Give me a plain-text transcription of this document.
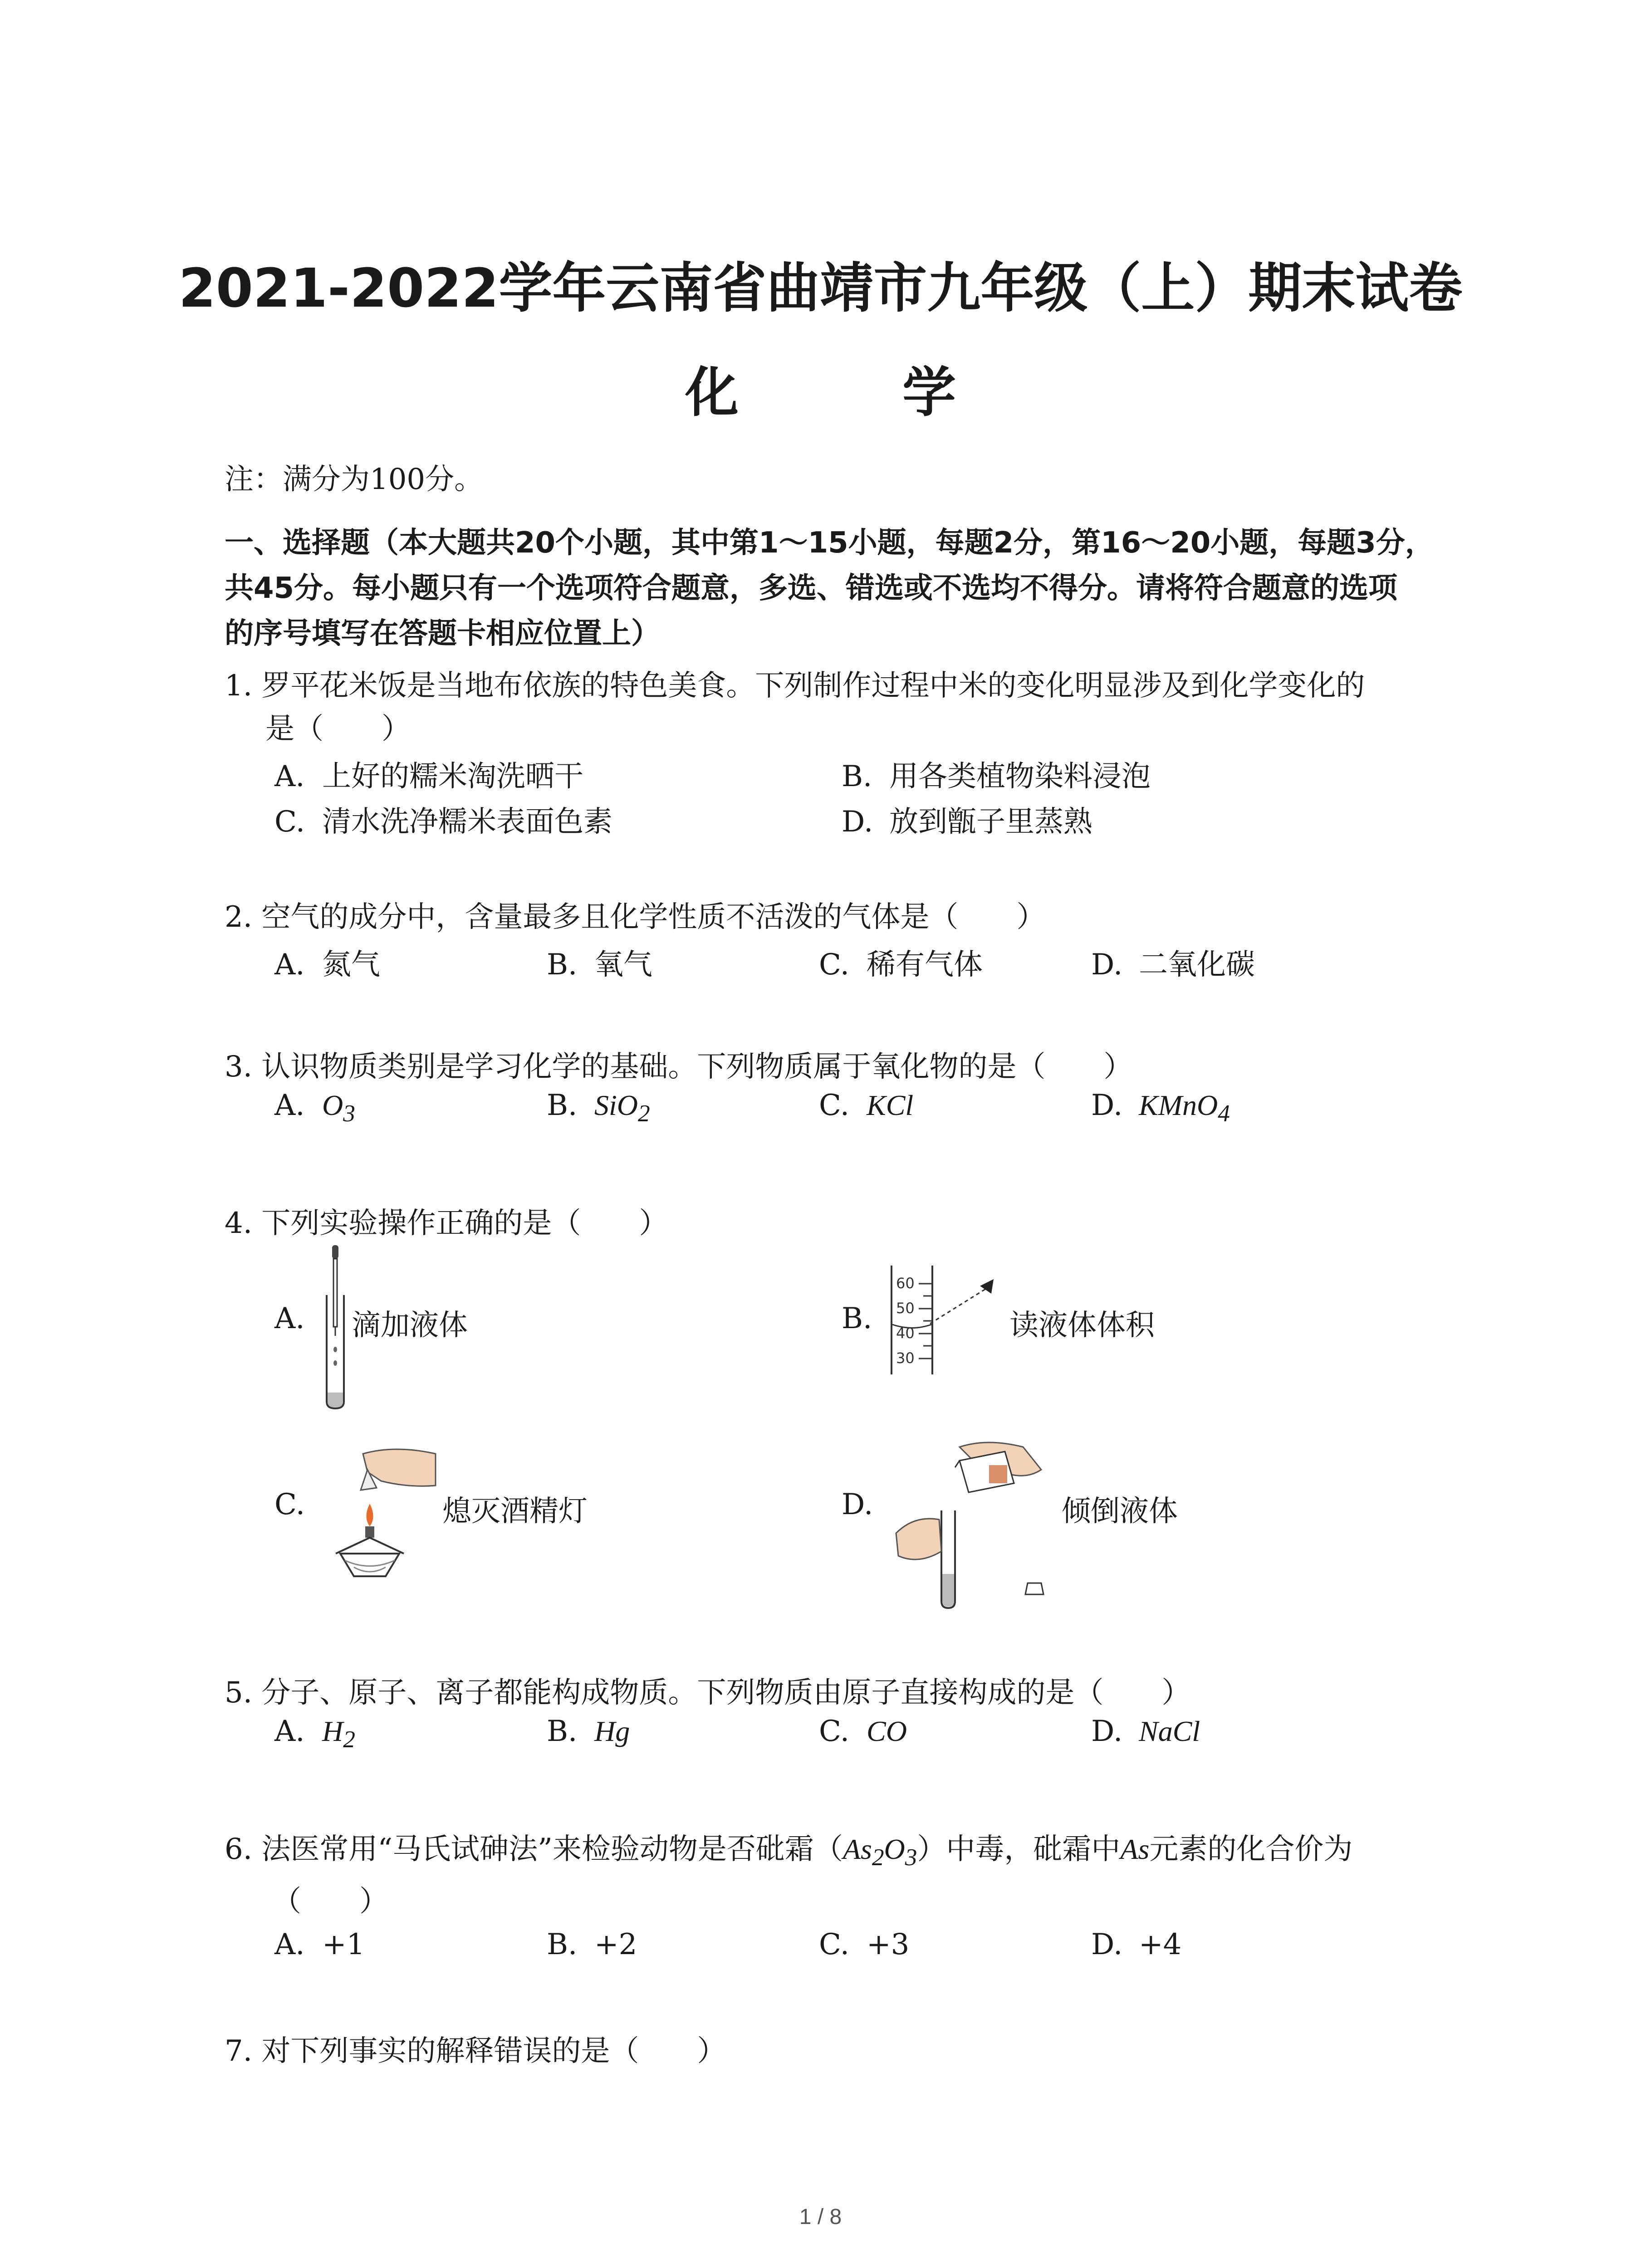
2021-2022学年云南省曲靖市九年级（上）期末试卷
化 学
注：满分为100分。
一、选择题（本大题共20个小题，其中第1～15小题，每题2分，第16～20小题，每题3分，
共45分。每小题只有一个选项符合题意，多选、错选或不选均不得分。请将符合题意的选项
的序号填写在答题卡相应位置上）
1. 罗平花米饭是当地布依族的特色美食。下列制作过程中米的变化明显涉及到化学变化的
是（　　）
A. 上好的糯米淘洗晒干	B. 用各类植物染料浸泡
C. 清水洗净糯米表面色素	D. 放到甑子里蒸熟
2. 空气的成分中，含量最多且化学性质不活泼的气体是（　　）
A. 氮气	B. 氧气	C. 稀有气体	D. 二氧化碳
3. 认识物质类别是学习化学的基础。下列物质属于氧化物的是（　　）
A. $O_3$	B. SiO$_2$	C. KCl	D. KMnO$_4$
4. 下列实验操作正确的是（　　）
A.	滴加液体	B.
60
50
40
30
读液体体积
C.	熄灭酒精灯	D.	倾倒液体
5. 分子、原子、离子都能构成物质。下列物质由原子直接构成的是（　　）
A. $H_2$	B. Hg	C. CO	D. NaCl
6. 法医常用“马氏试砷法”来检验动物是否砒霜$(As_2O_3)$中毒，砒霜中As元素的化合价为
（　　）
A. +1	B. +2	C. +3	D. +4
7. 对下列事实的解释错误的是（　　）
1 / 8
